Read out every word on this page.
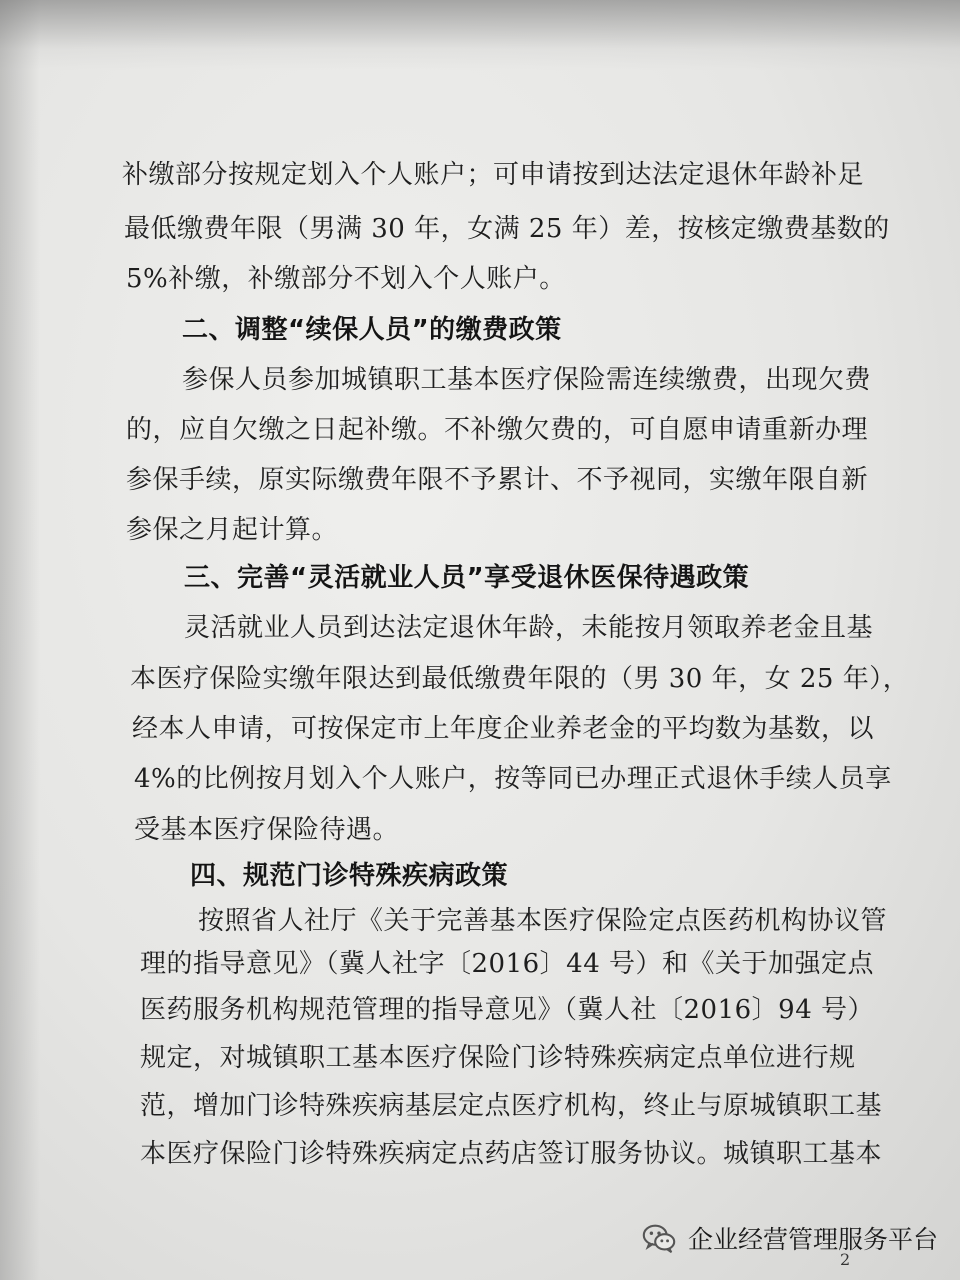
补缴部分按规定划入个人账户；可申请按到达法定退休年龄补足
最低缴费年限（男满 30 年，女满 25 年）差，按核定缴费基数的
5%补缴，补缴部分不划入个人账户。
二、调整“续保人员”的缴费政策
参保人员参加城镇职工基本医疗保险需连续缴费，出现欠费
的，应自欠缴之日起补缴。不补缴欠费的，可自愿申请重新办理
参保手续，原实际缴费年限不予累计、不予视同，实缴年限自新
参保之月起计算。
三、完善“灵活就业人员”享受退休医保待遇政策
灵活就业人员到达法定退休年龄，未能按月领取养老金且基
本医疗保险实缴年限达到最低缴费年限的（男 30 年，女 25 年），
经本人申请，可按保定市上年度企业养老金的平均数为基数，以
4%的比例按月划入个人账户，按等同已办理正式退休手续人员享
受基本医疗保险待遇。
四、规范门诊特殊疾病政策
按照省人社厅《关于完善基本医疗保险定点医药机构协议管
理的指导意见》（冀人社字〔2016〕44 号）和《关于加强定点
医药服务机构规范管理的指导意见》（冀人社〔2016〕94 号）
规定，对城镇职工基本医疗保险门诊特殊疾病定点单位进行规
范，增加门诊特殊疾病基层定点医疗机构，终止与原城镇职工基
本医疗保险门诊特殊疾病定点药店签订服务协议。城镇职工基本
企业经营管理服务平台
2
